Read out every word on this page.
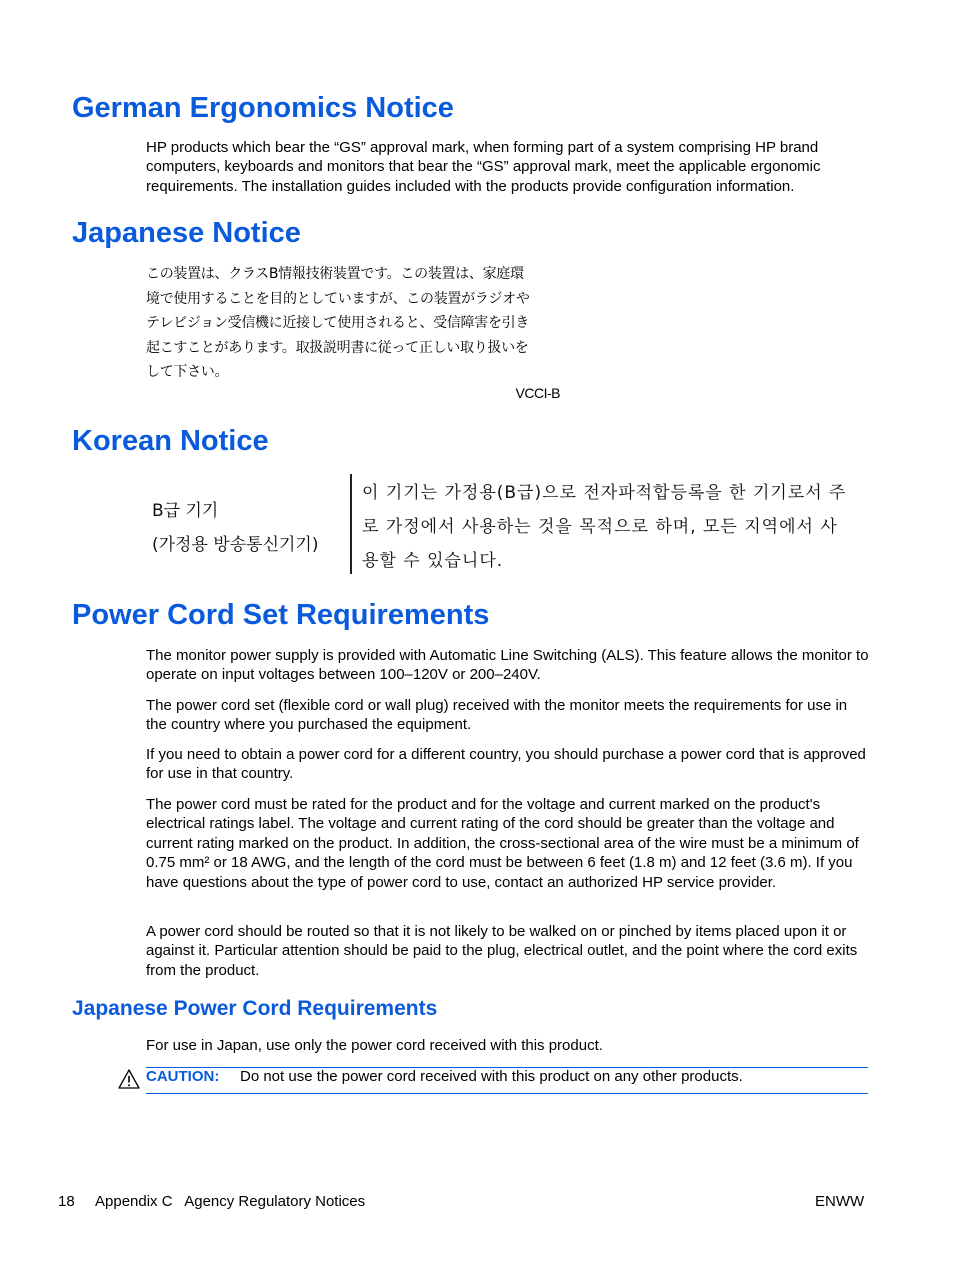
German Ergonomics Notice

HP products which bear the “GS” approval mark, when forming part of a system comprising HP brand computers, keyboards and monitors that bear the “GS” approval mark, meet the applicable ergonomic requirements. The installation guides included with the products provide configuration information.

Japanese Notice
この装置は、クラスB情報技術装置です。この装置は、家庭環
境で使用することを目的としていますが、この装置がラジオや
テレビジョン受信機に近接して使用されると、受信障害を引き
起こすことがあります。取扱説明書に従って正しい取り扱いを
して下さい。
VCCI-B
Korean Notice
B급 기기
(가정용 방송통신기기)
이 기기는 가정용(B급)으로 전자파적합등록을 한 기기로서 주
로 가정에서 사용하는 것을 목적으로 하며, 모든 지역에서 사
용할 수 있습니다.
Power Cord Set Requirements

The monitor power supply is provided with Automatic Line Switching (ALS). This feature allows the monitor to operate on input voltages between 100–120V or 200–240V.

The power cord set (flexible cord or wall plug) received with the monitor meets the requirements for use in the country where you purchased the equipment.

If you need to obtain a power cord for a different country, you should purchase a power cord that is approved for use in that country.

The power cord must be rated for the product and for the voltage and current marked on the product's electrical ratings label. The voltage and current rating of the cord should be greater than the voltage and current rating marked on the product. In addition, the cross-sectional area of the wire must be a minimum of 0.75 mm² or 18 AWG, and the length of the cord must be between 6 feet (1.8 m) and 12 feet (3.6 m). If you have questions about the type of power cord to use, contact an authorized HP service provider.

A power cord should be routed so that it is not likely to be walked on or pinched by items placed upon it or against it. Particular attention should be paid to the plug, electrical outlet, and the point where the cord exits from the product.

Japanese Power Cord Requirements

For use in Japan, use only the power cord received with this product.

CAUTION: Do not use the power cord received with this product on any other products.
18 Appendix C   Agency Regulatory Notices	ENWW
